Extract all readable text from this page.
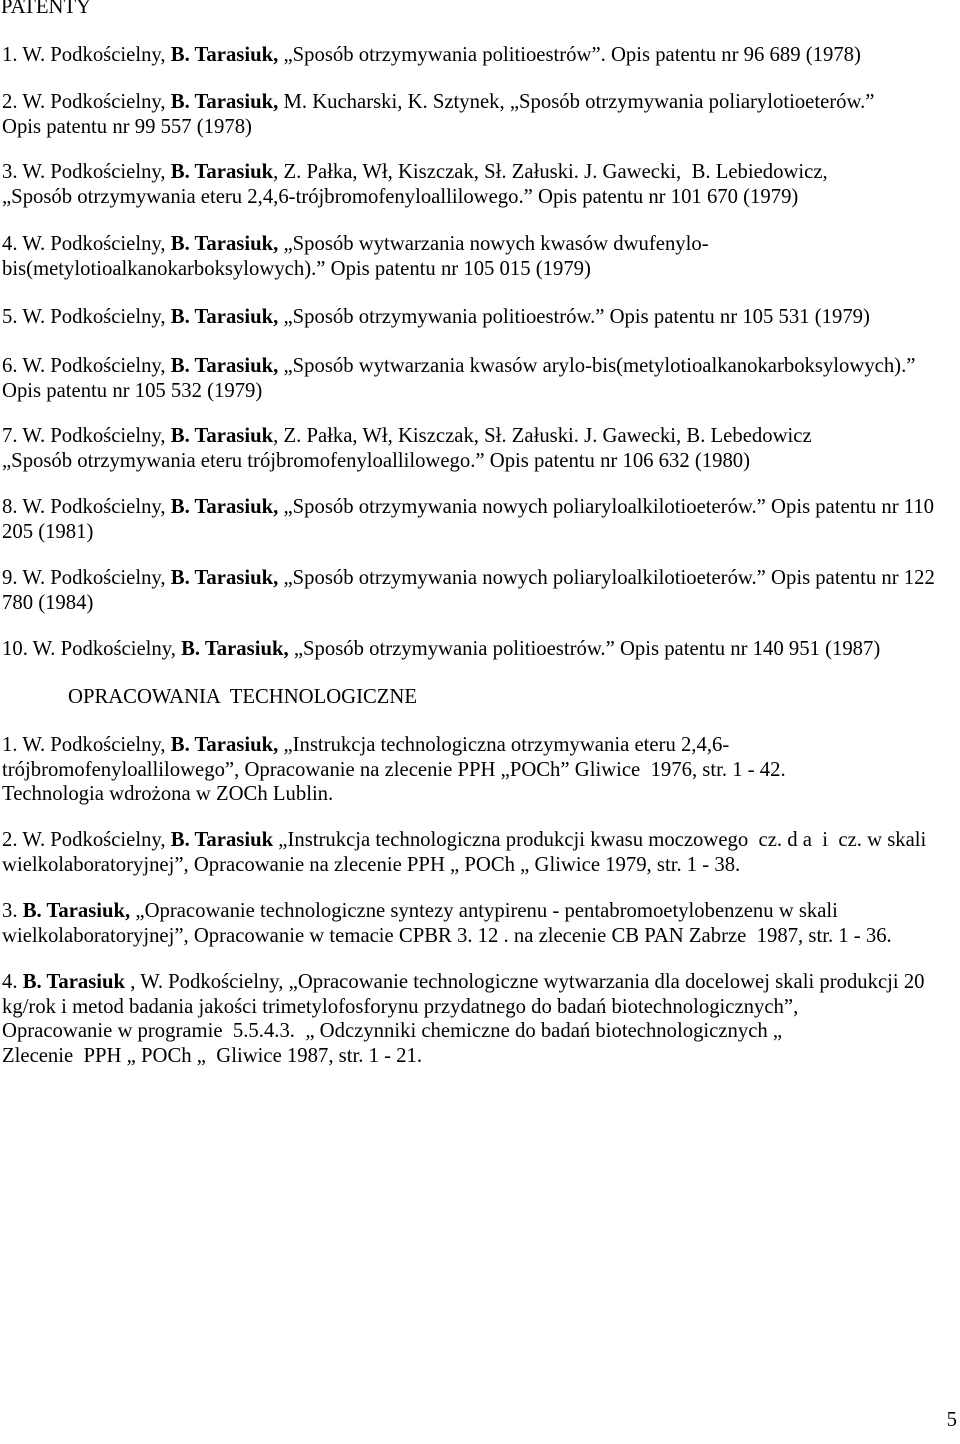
5
PATENTY
1. W. Podkościelny, B. Tarasiuk, „Sposób otrzymywania politioestrów”. Opis patentu nr 96 689 (1978)
2. W. Podkościelny, B. Tarasiuk, M. Kucharski, K. Sztynek, „Sposób otrzymywania poliarylotioeterów.”
Opis patentu nr 99 557 (1978)
3. W. Podkościelny, B. Tarasiuk, Z. Pałka, Wł, Kiszczak, Sł. Załuski. J. Gawecki,  B. Lebiedowicz,
„Sposób otrzymywania eteru 2,4,6-trójbromofenyloallilowego.” Opis patentu nr 101 670 (1979)
4. W. Podkościelny, B. Tarasiuk, „Sposób wytwarzania nowych kwasów dwufenylo-
bis(metylotioalkanokarboksylowych).” Opis patentu nr 105 015 (1979)
5. W. Podkościelny, B. Tarasiuk, „Sposób otrzymywania politioestrów.” Opis patentu nr 105 531 (1979)
6. W. Podkościelny, B. Tarasiuk, „Sposób wytwarzania kwasów arylo-bis(metylotioalkanokarboksylowych).”
Opis patentu nr 105 532 (1979)
7. W. Podkościelny, B. Tarasiuk, Z. Pałka, Wł, Kiszczak, Sł. Załuski. J. Gawecki, B. Lebedowicz
„Sposób otrzymywania eteru trójbromofenyloallilowego.” Opis patentu nr 106 632 (1980)
8. W. Podkościelny, B. Tarasiuk, „Sposób otrzymywania nowych poliaryloalkilotioeterów.” Opis patentu nr 110
205 (1981)
9. W. Podkościelny, B. Tarasiuk, „Sposób otrzymywania nowych poliaryloalkilotioeterów.” Opis patentu nr 122
780 (1984)
10. W. Podkościelny, B. Tarasiuk, „Sposób otrzymywania politioestrów.” Opis patentu nr 140 951 (1987)
OPRACOWANIA  TECHNOLOGICZNE
1. W. Podkościelny, B. Tarasiuk, „Instrukcja technologiczna otrzymywania eteru 2,4,6-
trójbromofenyloallilowego”, Opracowanie na zlecenie PPH „POCh” Gliwice  1976, str. 1 - 42.
Technologia wdrożona w ZOCh Lublin.
2. W. Podkościelny, B. Tarasiuk „Instrukcja technologiczna produkcji kwasu moczowego  cz. d a  i  cz. w skali
wielkolaboratoryjnej”, Opracowanie na zlecenie PPH „ POCh „ Gliwice 1979, str. 1 - 38.
3. B. Tarasiuk, „Opracowanie technologiczne syntezy antypirenu - pentabromoetylobenzenu w skali
wielkolaboratoryjnej”, Opracowanie w temacie CPBR 3. 12 . na zlecenie CB PAN Zabrze  1987, str. 1 - 36.
4. B. Tarasiuk , W. Podkościelny, „Opracowanie technologiczne wytwarzania dla docelowej skali produkcji 20
kg/rok i metod badania jakości trimetylofosforynu przydatnego do badań biotechnologicznych”,
Opracowanie w programie  5.5.4.3.  „ Odczynniki chemiczne do badań biotechnologicznych „
Zlecenie  PPH „ POCh „  Gliwice 1987, str. 1 - 21.
